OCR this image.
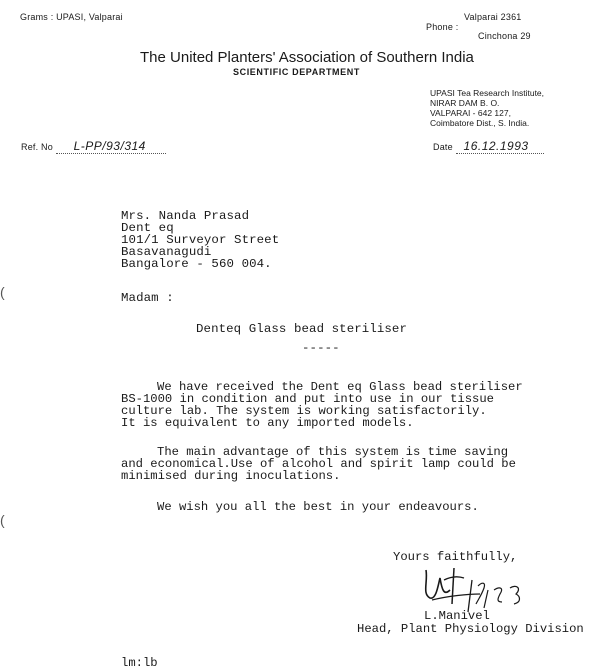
Grams : UPASI, Valparai	Valparai 2361
Phone :
Cinchona 29
The United Planters' Association of Southern India
SCIENTIFIC DEPARTMENT
UPASI Tea Research Institute,
NIRAR DAM B. O.
VALPARAI - 642 127,
Coimbatore Dist., S. India.
Ref. No L-PP/93/314	Date 16.12.1993
Mrs. Nanda Prasad
Dent eq
101/1 Surveyor Street
Basavanagudi
Bangalore - 560 004.
Madam :
Denteq Glass bead steriliser
-----
We have received the Dent eq Glass bead steriliser
BS-1000 in condition and put into use in our tissue
culture lab. The system is working satisfactorily.
It is equivalent to any imported models.
The main advantage of this system is time saving
and economical.Use of alcohol and spirit lamp could be
minimised during inoculations.
We wish you all the best in your endeavours.
Yours faithfully,
L.Manivel
Head, Plant Physiology Division
lm:lb
(
(
